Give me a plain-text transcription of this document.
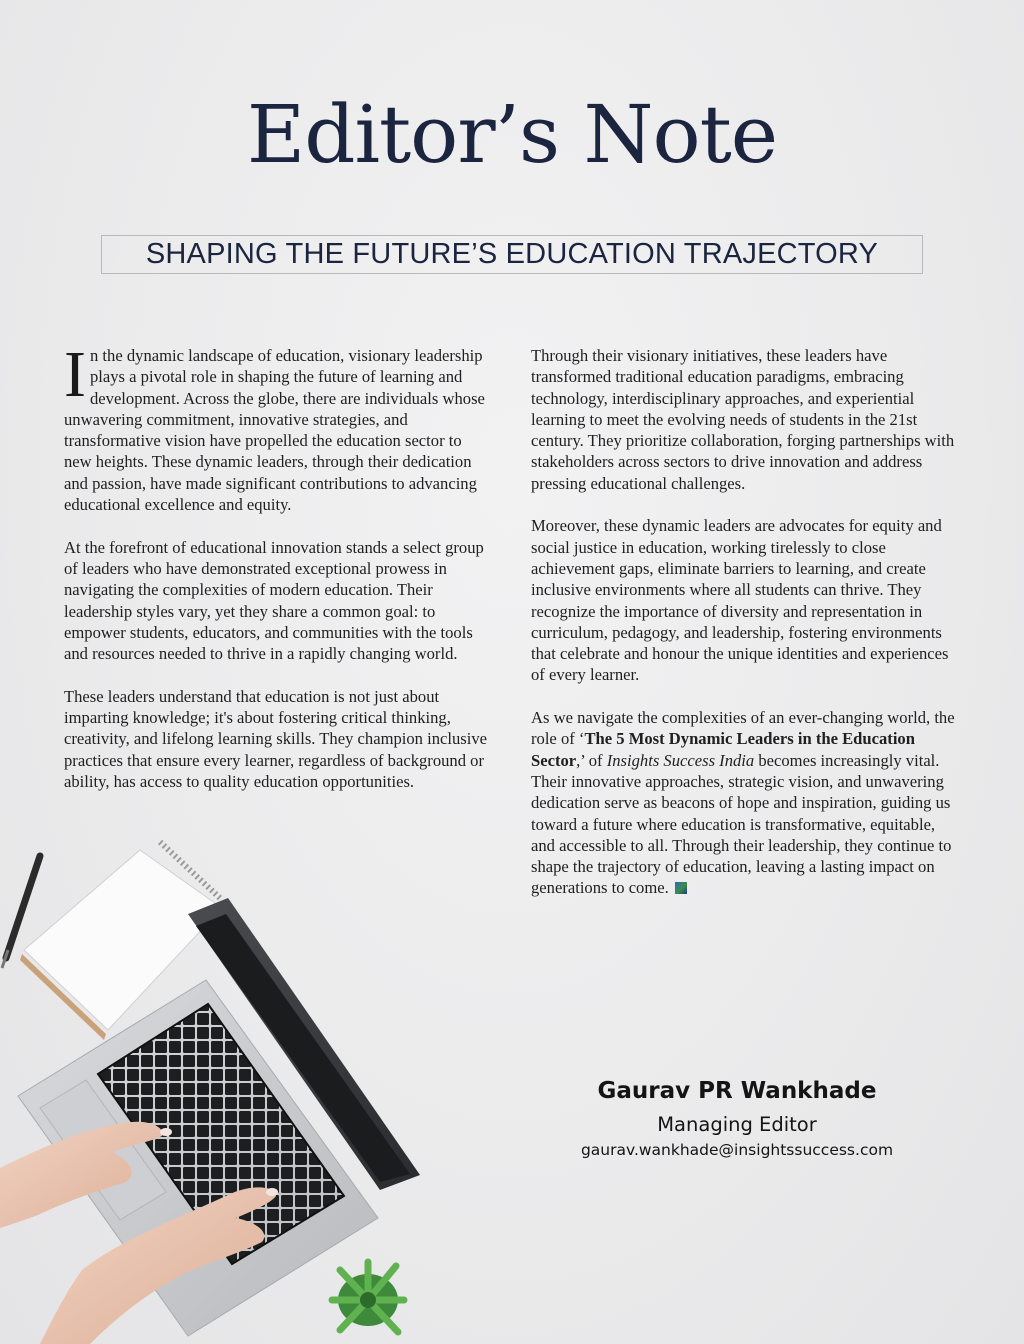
Editor’s Note
SHAPING THE FUTURE’S EDUCATION TRAJECTORY

In the dynamic landscape of education, visionary leadership plays a pivotal role in shaping the future of learning and development. Across the globe, there are individuals whose unwavering commitment, innovative strategies, and transformative vision have propelled the education sector to new heights. These dynamic leaders, through their dedication and passion, have made significant contributions to advancing educational excellence and equity.

At the forefront of educational innovation stands a select group of leaders who have demonstrated exceptional prowess in navigating the complexities of modern education. Their leadership styles vary, yet they share a common goal: to empower students, educators, and communities with the tools and resources needed to thrive in a rapidly changing world.

These leaders understand that education is not just about imparting knowledge; it's about fostering critical thinking, creativity, and lifelong learning skills. They champion inclusive practices that ensure every learner, regardless of background or ability, has access to quality education opportunities.

Through their visionary initiatives, these leaders have transformed traditional education paradigms, embracing technology, interdisciplinary approaches, and experiential learning to meet the evolving needs of students in the 21st century. They prioritize collaboration, forging partnerships with stakeholders across sectors to drive innovation and address pressing educational challenges.

Moreover, these dynamic leaders are advocates for equity and social justice in education, working tirelessly to close achievement gaps, eliminate barriers to learning, and create inclusive environments where all students can thrive. They recognize the importance of diversity and representation in curriculum, pedagogy, and leadership, fostering environments that celebrate and honour the unique identities and experiences of every learner.

As we navigate the complexities of an ever-changing world, the role of ‘The 5 Most Dynamic Leaders in the Education Sector,’ of Insights Success India becomes increasingly vital. Their innovative approaches, strategic vision, and unwavering dedication serve as beacons of hope and inspiration, guiding us toward a future where education is transformative, equitable, and accessible to all. Through their leadership, they continue to shape the trajectory of education, leaving a lasting impact on
generations to come.

Gaurav PR Wankhade
Managing Editor
gaurav.wankhade@insightssuccess.com
